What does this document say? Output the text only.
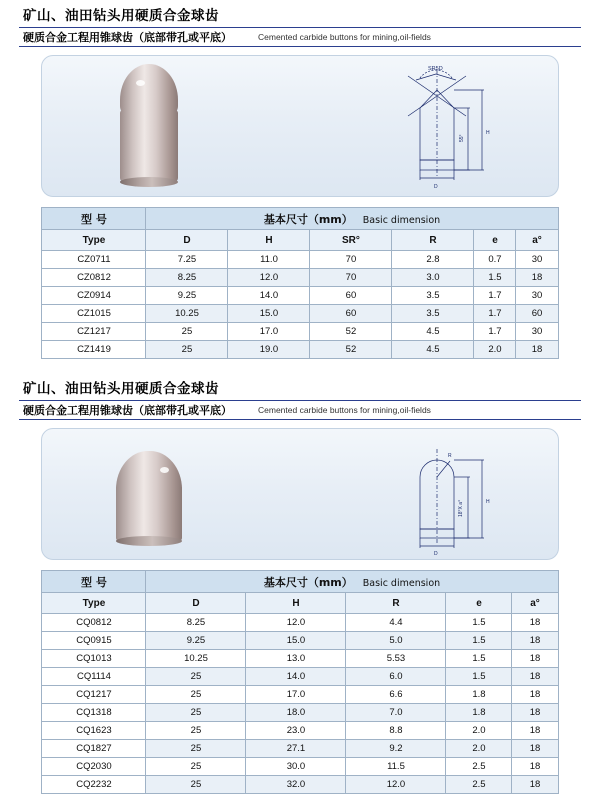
矿山、油田钻头用硬质合金球齿
硬质合金工程用锥球齿（底部带孔或平底）	Cemented carbide buttons for mining,oil-fields
SR5D
55°
H
D
型 号	基本尺寸（mm） Basic dimension					
Type	D	H	SR°	R	e	a°
CZ0711	7.25	11.0	70	2.8	0.7	30
CZ0812	8.25	12.0	70	3.0	1.5	18
CZ0914	9.25	14.0	60	3.5	1.7	30
CZ1015	10.25	15.0	60	3.5	1.7	60
CZ1217	25	17.0	52	4.5	1.7	30
CZ1419	25	19.0	52	4.5	2.0	18
矿山、油田钻头用硬质合金球齿
硬质合金工程用锥球齿（底部带孔或平底）	Cemented carbide buttons for mining,oil-fields
R
18°X a°	H
D
型 号	基本尺寸（mm） Basic dimension				
Type	D	H	R	e	a°
CQ0812	8.25	12.0	4.4	1.5	18
CQ0915	9.25	15.0	5.0	1.5	18
CQ1013	10.25	13.0	5.53	1.5	18
CQ1114	25	14.0	6.0	1.5	18
CQ1217	25	17.0	6.6	1.8	18
CQ1318	25	18.0	7.0	1.8	18
CQ1623	25	23.0	8.8	2.0	18
CQ1827	25	27.1	9.2	2.0	18
CQ2030	25	30.0	11.5	2.5	18
CQ2232	25	32.0	12.0	2.5	18
